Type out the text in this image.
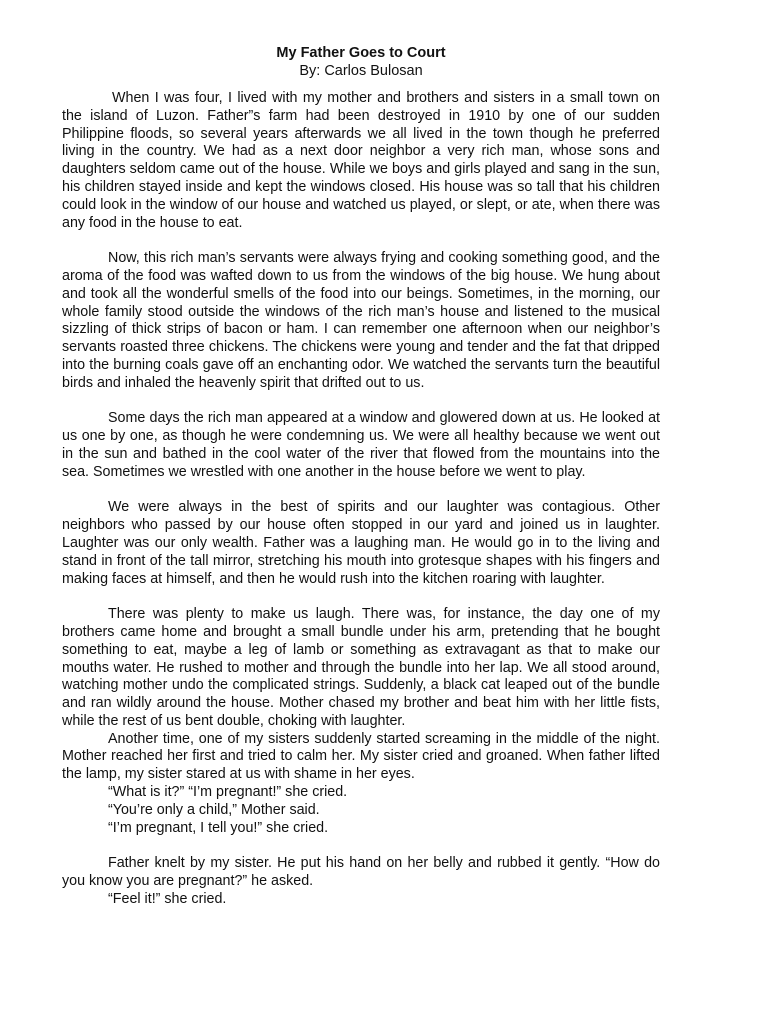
My Father Goes to Court

By: Carlos Bulosan

When I was four, I lived with my mother and brothers and sisters in a small town on the island of Luzon. Father”s farm had been destroyed in 1910 by one of our sudden Philippine floods, so several years afterwards we all lived in the town though he preferred living in the country. We had as a next door neighbor a very rich man, whose sons and daughters seldom came out of the house. While we boys and girls played and sang in the sun, his children stayed inside and kept the windows closed. His house was so tall that his children could look in the window of our house and watched us played, or slept, or ate, when there was any food in the house to eat.

Now, this rich man’s servants were always frying and cooking something good, and the aroma of the food was wafted down to us from the windows of the big house. We hung about and took all the wonderful smells of the food into our beings. Sometimes, in the morning, our whole family stood outside the windows of the rich man’s house and listened to the musical sizzling of thick strips of bacon or ham. I can remember one afternoon when our neighbor’s servants roasted three chickens. The chickens were young and tender and the fat that dripped into the burning coals gave off an enchanting odor. We watched the servants turn the beautiful birds and inhaled the heavenly spirit that drifted out to us.

Some days the rich man appeared at a window and glowered down at us. He looked at us one by one, as though he were condemning us. We were all healthy because we went out in the sun and bathed in the cool water of the river that flowed from the mountains into the sea. Sometimes we wrestled with one another in the house before we went to play.

We were always in the best of spirits and our laughter was contagious. Other neighbors who passed by our house often stopped in our yard and joined us in laughter. Laughter was our only wealth. Father was a laughing man. He would go in to the living and stand in front of the tall mirror, stretching his mouth into grotesque shapes with his fingers and making faces at himself, and then he would rush into the kitchen roaring with laughter.

There was plenty to make us laugh. There was, for instance, the day one of my brothers came home and brought a small bundle under his arm, pretending that he bought something to eat, maybe a leg of lamb or something as extravagant as that to make our mouths water. He rushed to mother and through the bundle into her lap. We all stood around, watching mother undo the complicated strings. Suddenly, a black cat leaped out of the bundle and ran wildly around the house. Mother chased my brother and beat him with her little fists, while the rest of us bent double, choking with laughter.

Another time, one of my sisters suddenly started screaming in the middle of the night. Mother reached her first and tried to calm her. My sister cried and groaned. When father lifted the lamp, my sister stared at us with shame in her eyes.

“What is it?” “I’m pregnant!” she cried.

“You’re only a child,” Mother said.

“I’m pregnant, I tell you!” she cried.

Father knelt by my sister. He put his hand on her belly and rubbed it gently. “How do you know you are pregnant?” he asked.

“Feel it!” she cried.
